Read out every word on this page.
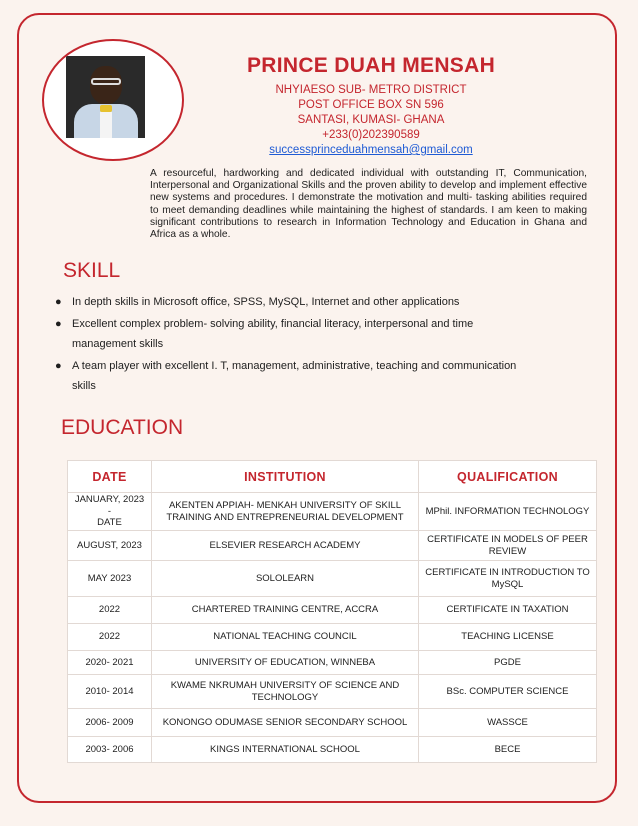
PRINCE DUAH MENSAH
NHYIAESO SUB- METRO DISTRICT
POST OFFICE BOX SN 596
SANTASI, KUMASI- GHANA
+233(0)202390589
successprinceduahmensah@gmail.com

A resourceful, hardworking and dedicated individual with outstanding IT, Communication, Interpersonal and Organizational Skills and the proven ability to develop and implement effective new systems and procedures. I demonstrate the motivation and multi- tasking abilities required to meet demanding deadlines while maintaining the highest of standards. I am keen to making significant contributions to research in Information Technology and Education in Ghana and Africa as a whole.

SKILL
● In depth skills in Microsoft office, SPSS, MySQL, Internet and other applications
● Excellent complex problem- solving ability, financial literacy, interpersonal and time management skills
● A team player with excellent I. T, management, administrative, teaching and communication skills
EDUCATION
DATE	INSTITUTION	QUALIFICATION
JANUARY, 2023
-
DATE	AKENTEN APPIAH- MENKAH UNIVERSITY OF SKILL TRAINING AND ENTREPRENEURIAL DEVELOPMENT	MPhil. INFORMATION TECHNOLOGY
AUGUST, 2023	ELSEVIER RESEARCH ACADEMY	CERTIFICATE IN MODELS OF PEER REVIEW
MAY 2023	SOLOLEARN	CERTIFICATE IN INTRODUCTION TO MySQL
2022	CHARTERED TRAINING CENTRE, ACCRA	CERTIFICATE IN TAXATION
2022	NATIONAL TEACHING COUNCIL	TEACHING LICENSE
2020- 2021	UNIVERSITY OF EDUCATION, WINNEBA	PGDE
2010- 2014	KWAME NKRUMAH UNIVERSITY OF SCIENCE AND TECHNOLOGY	BSc. COMPUTER SCIENCE
2006- 2009	KONONGO ODUMASE SENIOR SECONDARY SCHOOL	WASSCE
2003- 2006	KINGS INTERNATIONAL SCHOOL	BECE
